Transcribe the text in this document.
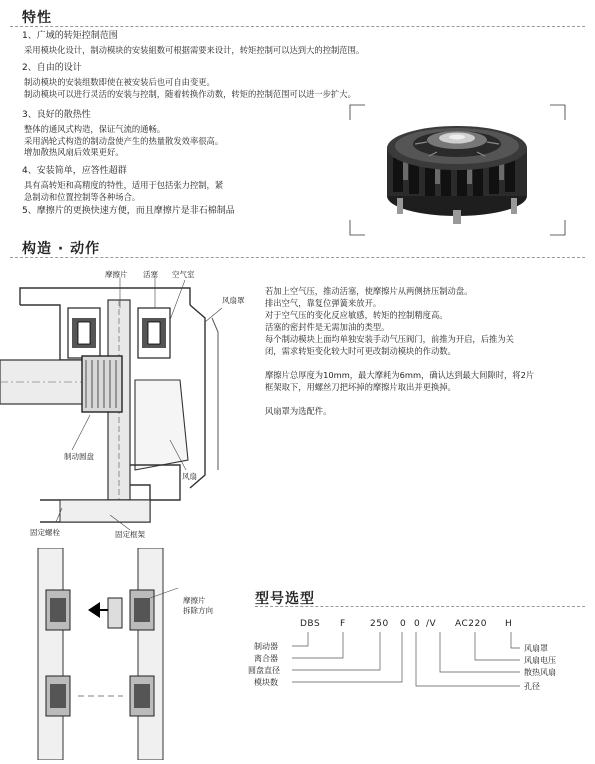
特性
1、广域的转矩控制范围
采用模块化设计，制动模块的安装組数可根据需要来设计，转矩控制可以达到大的控制范围。
2、自由的设计
制动模块的安装组数即使在被安装后也可自由变更。
制动模块可以进行灵活的安装与控制，随着转换作动数，转矩的控制范围可以进一步扩大。
3、良好的散热性
整体的通风式构造，保证气流的通畅。
采用涡轮式构造的制动盘使产生的热量散发效率很高。
增加散热风扇后效果更好。
4、安装简单，应答性超群
具有高转矩和高精度的特性，适用于包括张力控制，紧
急制动和位置控制等各种场合。
5、摩擦片的更换快速方便，而且摩擦片是非石棉制品
构造 · 动作
摩擦片 活塞 空气室
风扇罩
制动圆盘
风扇
固定螺栓	固定框架
若加上空气压，推动活塞，使摩擦片从两侧挤压制动盘。
排出空气，靠复位弹簧来放开。
对于空气压的变化反应敏感，转矩的控制精度高。
活塞的密封件是无需加油的类型。
每个制动模块上面均单独安装手动气压阀门，前推为开启，后推为关
闭，需求转矩变化较大时可更改制动模块的作动数。
摩擦片总厚度为10mm，最大摩耗为6mm，确认达到最大间隙时，将2片
框架取下，用螺丝刀把坏掉的摩擦片取出并更换掉。
风扇罩为选配件。
摩擦片
拆除方向
型号选型
DBS F	250 0 0 /V AC220 H
制动器
离合器
圆盘直径
模块数
风扇罩
风扇电压
散热风扇
孔径
